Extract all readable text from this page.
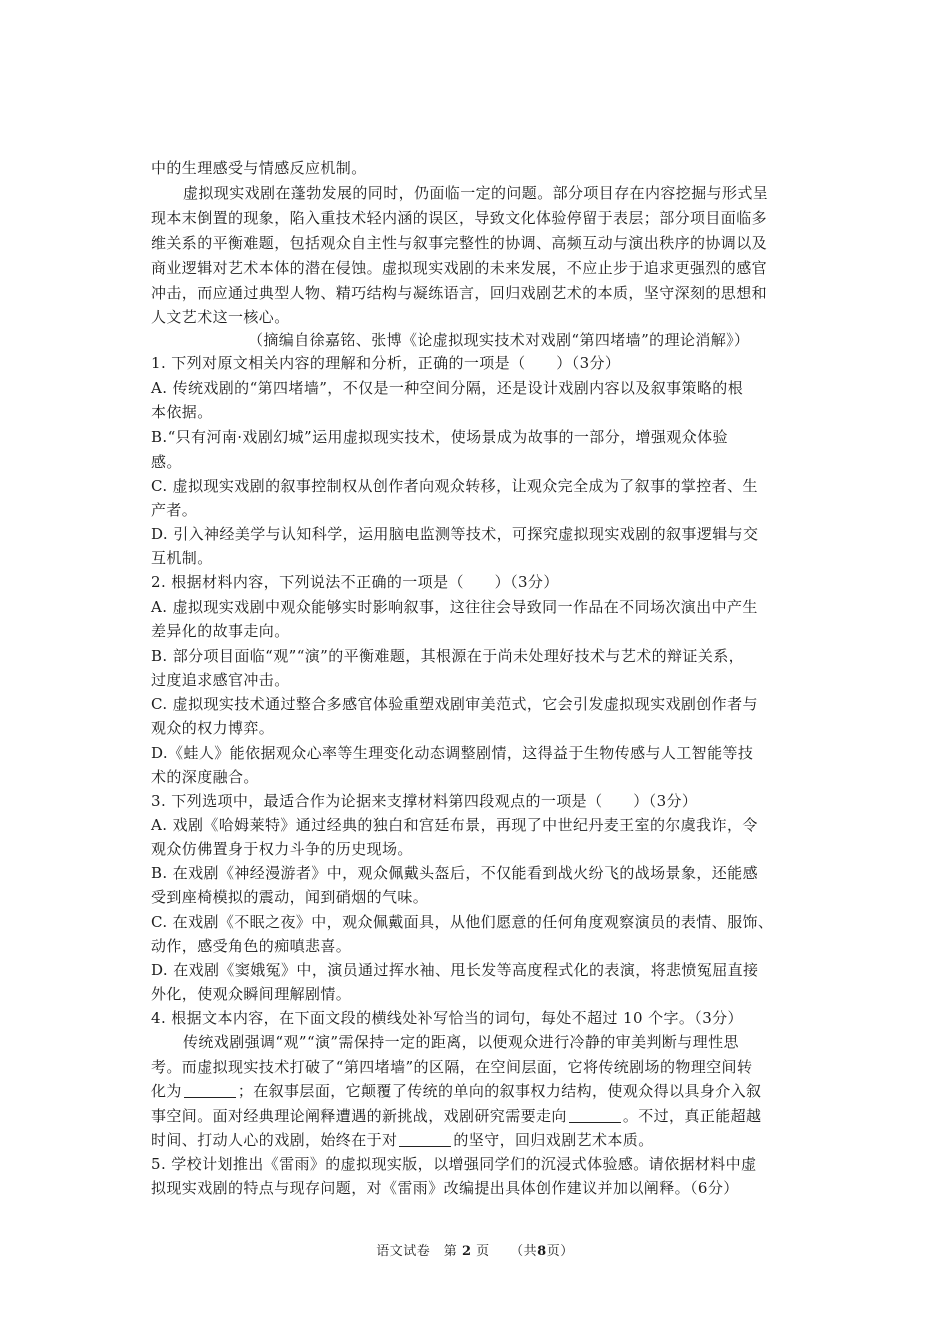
中的生理感受与情感反应机制。
虚拟现实戏剧在蓬勃发展的同时，仍面临一定的问题。部分项目存在内容挖掘与形式呈
现本末倒置的现象，陷入重技术轻内涵的误区，导致文化体验停留于表层；部分项目面临多
维关系的平衡难题，包括观众自主性与叙事完整性的协调、高频互动与演出秩序的协调以及
商业逻辑对艺术本体的潜在侵蚀。虚拟现实戏剧的未来发展，不应止步于追求更强烈的感官
冲击，而应通过典型人物、精巧结构与凝练语言，回归戏剧艺术的本质，坚守深刻的思想和
人文艺术这一核心。
（摘编自徐嘉铭、张博《论虚拟现实技术对戏剧“第四堵墙”的理论消解》）
1. 下列对原文相关内容的理解和分析，正确的一项是（　　）（3分）
A. 传统戏剧的“第四堵墙”，不仅是一种空间分隔，还是设计戏剧内容以及叙事策略的根
本依据。
B.“只有河南·戏剧幻城”运用虚拟现实技术，使场景成为故事的一部分，增强观众体验
感。
C. 虚拟现实戏剧的叙事控制权从创作者向观众转移，让观众完全成为了叙事的掌控者、生
产者。
D. 引入神经美学与认知科学，运用脑电监测等技术，可探究虚拟现实戏剧的叙事逻辑与交
互机制。
2. 根据材料内容，下列说法不正确的一项是（　　）（3分）
A. 虚拟现实戏剧中观众能够实时影响叙事，这往往会导致同一作品在不同场次演出中产生
差异化的故事走向。
B. 部分项目面临“观”“演”的平衡难题，其根源在于尚未处理好技术与艺术的辩证关系，
过度追求感官冲击。
C. 虚拟现实技术通过整合多感官体验重塑戏剧审美范式，它会引发虚拟现实戏剧创作者与
观众的权力博弈。
D.《蛙人》能依据观众心率等生理变化动态调整剧情，这得益于生物传感与人工智能等技
术的深度融合。
3. 下列选项中，最适合作为论据来支撑材料第四段观点的一项是（　　）（3分）
A. 戏剧《哈姆莱特》通过经典的独白和宫廷布景，再现了中世纪丹麦王室的尔虞我诈，令
观众仿佛置身于权力斗争的历史现场。
B. 在戏剧《神经漫游者》中，观众佩戴头盔后，不仅能看到战火纷飞的战场景象，还能感
受到座椅模拟的震动，闻到硝烟的气味。
C. 在戏剧《不眠之夜》中，观众佩戴面具，从他们愿意的任何角度观察演员的表情、服饰、
动作，感受角色的痴嗔悲喜。
D. 在戏剧《窦娥冤》中，演员通过挥水袖、甩长发等高度程式化的表演，将悲愤冤屈直接
外化，使观众瞬间理解剧情。
4. 根据文本内容，在下面文段的横线处补写恰当的词句，每处不超过 10 个字。（3分）
传统戏剧强调“观”“演”需保持一定的距离，以便观众进行冷静的审美判断与理性思
考。而虚拟现实技术打破了“第四堵墙”的区隔，在空间层面，它将传统剧场的物理空间转
化为	；在叙事层面，它颠覆了传统的单向的叙事权力结构，使观众得以具身介入叙
事空间。面对经典理论阐释遭遇的新挑战，戏剧研究需要走向	。不过，真正能超越
时间、打动人心的戏剧，始终在于对	的坚守，回归戏剧艺术本质。
5. 学校计划推出《雷雨》的虚拟现实版，以增强同学们的沉浸式体验感。请依据材料中虚
拟现实戏剧的特点与现存问题，对《雷雨》改编提出具体创作建议并加以阐释。（6分）
语文试卷  第 2 页   （共8页）
